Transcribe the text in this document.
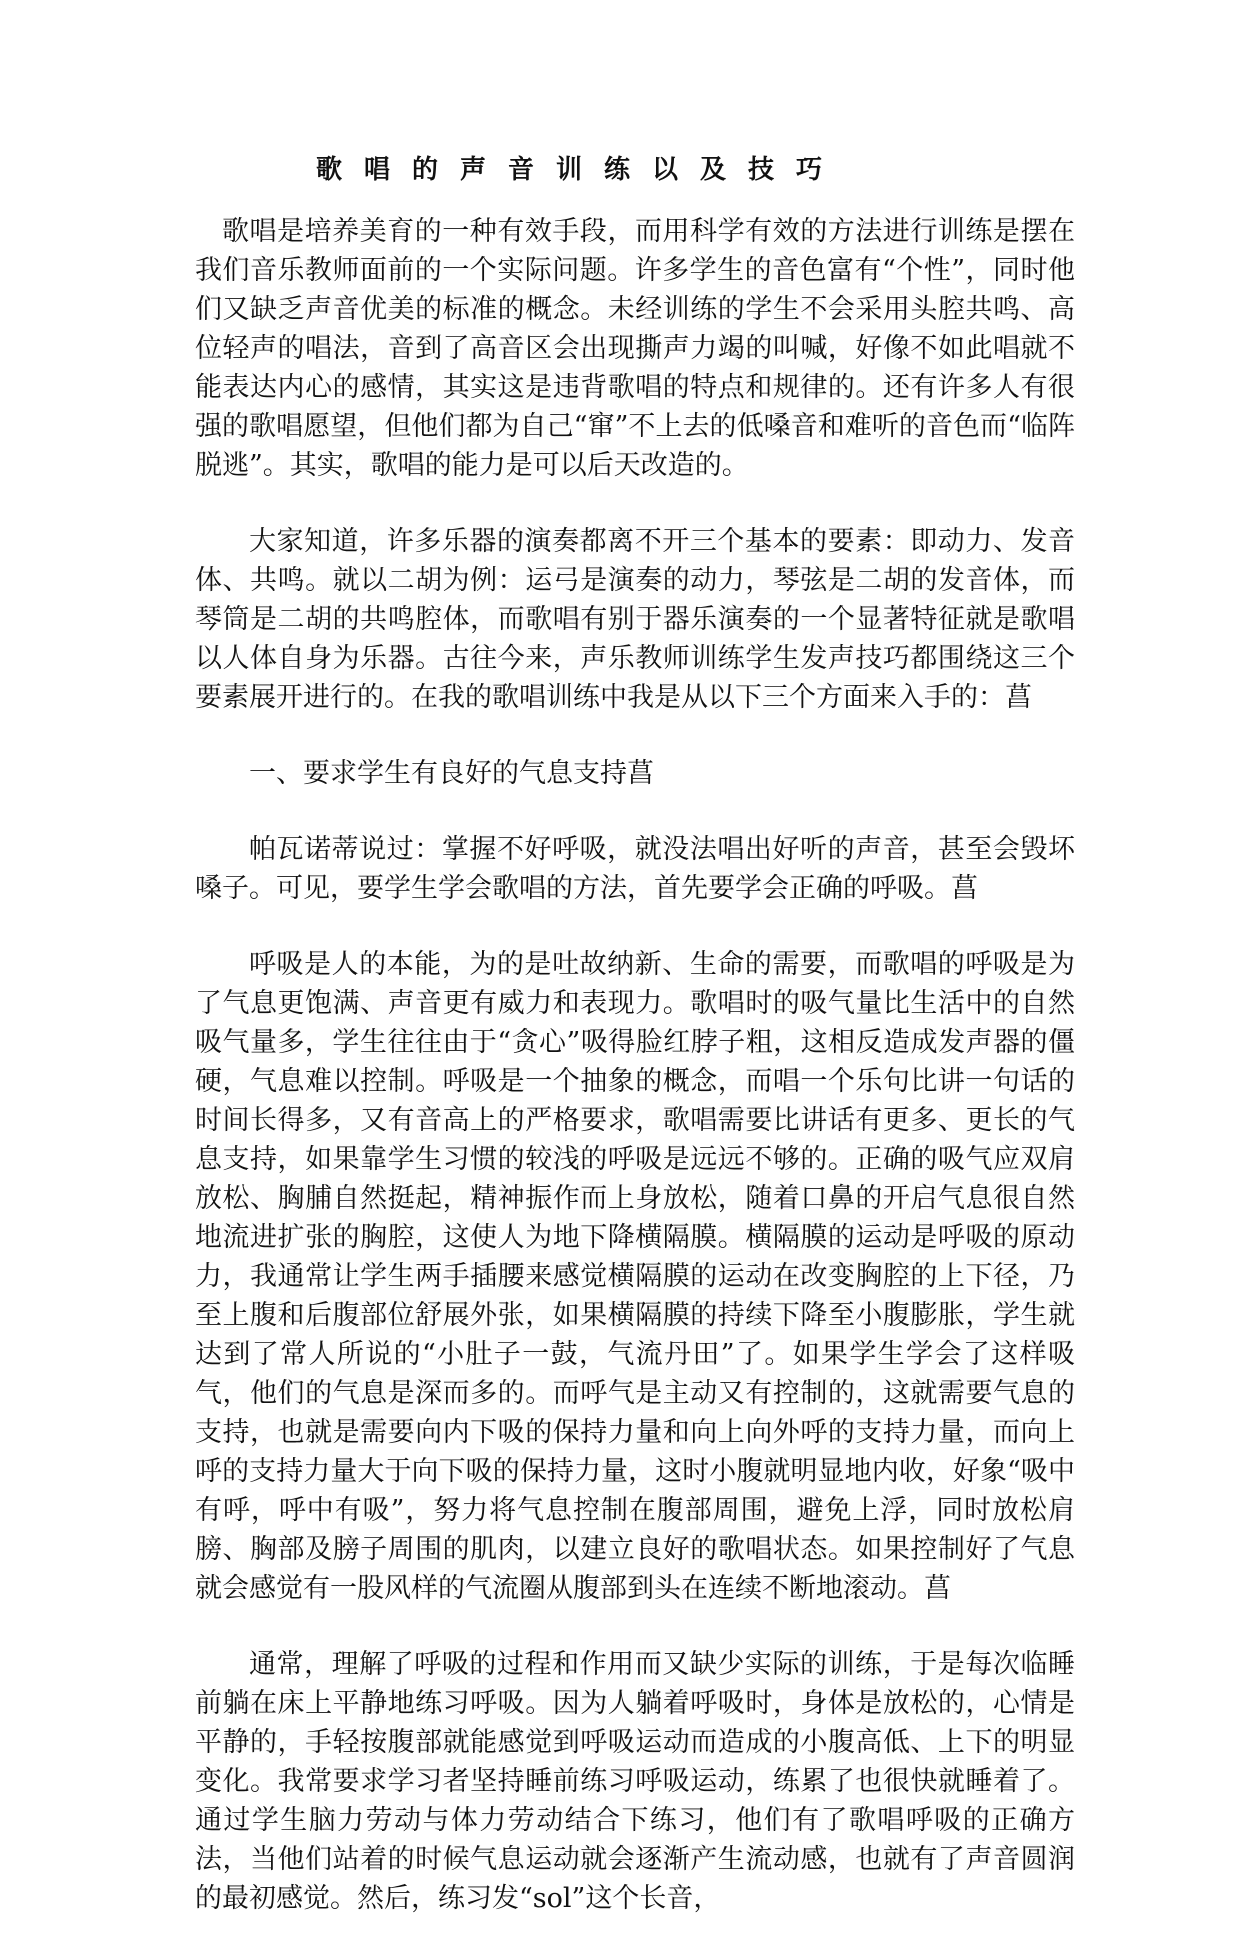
歌唱的声音训练以及技巧

歌唱是培养美育的一种有效手段，而用科学有效的方法进行训练是摆在我们音乐教师面前的一个实际问题。许多学生的音色富有“个性”，同时他们又缺乏声音优美的标准的概念。未经训练的学生不会采用头腔共鸣、高位轻声的唱法，音到了高音区会出现撕声力竭的叫喊，好像不如此唱就不能表达内心的感情，其实这是违背歌唱的特点和规律的。还有许多人有很强的歌唱愿望，但他们都为自己“窜”不上去的低嗓音和难听的音色而“临阵脱逃”。其实，歌唱的能力是可以后天改造的。

大家知道，许多乐器的演奏都离不开三个基本的要素：即动力、发音体、共鸣。就以二胡为例：运弓是演奏的动力，琴弦是二胡的发音体，而琴筒是二胡的共鸣腔体，而歌唱有别于器乐演奏的一个显著特征就是歌唱以人体自身为乐器。古往今来，声乐教师训练学生发声技巧都围绕这三个要素展开进行的。在我的歌唱训练中我是从以下三个方面来入手的：菖

一、要求学生有良好的气息支持菖

帕瓦诺蒂说过：掌握不好呼吸，就没法唱出好听的声音，甚至会毁坏嗓子。可见，要学生学会歌唱的方法，首先要学会正确的呼吸。菖

呼吸是人的本能，为的是吐故纳新、生命的需要，而歌唱的呼吸是为了气息更饱满、声音更有威力和表现力。歌唱时的吸气量比生活中的自然吸气量多，学生往往由于“贪心”吸得脸红脖子粗，这相反造成发声器的僵硬，气息难以控制。呼吸是一个抽象的概念，而唱一个乐句比讲一句话的时间长得多，又有音高上的严格要求，歌唱需要比讲话有更多、更长的气息支持，如果靠学生习惯的较浅的呼吸是远远不够的。正确的吸气应双肩放松、胸脯自然挺起，精神振作而上身放松，随着口鼻的开启气息很自然地流进扩张的胸腔，这使人为地下降横隔膜。横隔膜的运动是呼吸的原动力，我通常让学生两手插腰来感觉横隔膜的运动在改变胸腔的上下径，乃至上腹和后腹部位舒展外张，如果横隔膜的持续下降至小腹膨胀，学生就达到了常人所说的“小肚子一鼓，气流丹田”了。如果学生学会了这样吸气，他们的气息是深而多的。而呼气是主动又有控制的，这就需要气息的支持，也就是需要向内下吸的保持力量和向上向外呼的支持力量，而向上呼的支持力量大于向下吸的保持力量，这时小腹就明显地内收，好象“吸中有呼，呼中有吸”，努力将气息控制在腹部周围，避免上浮，同时放松肩膀、胸部及膀子周围的肌肉，以建立良好的歌唱状态。如果控制好了气息就会感觉有一股风样的气流圈从腹部到头在连续不断地滚动。菖

通常，理解了呼吸的过程和作用而又缺少实际的训练，于是每次临睡前躺在床上平静地练习呼吸。因为人躺着呼吸时，身体是放松的，心情是平静的，手轻按腹部就能感觉到呼吸运动而造成的小腹高低、上下的明显变化。我常要求学习者坚持睡前练习呼吸运动，练累了也很快就睡着了。通过学生脑力劳动与体力劳动结合下练习，他们有了歌唱呼吸的正确方法，当他们站着的时候气息运动就会逐渐产生流动感，也就有了声音圆润的最初感觉。然后，练习发“sol”这个长音，
